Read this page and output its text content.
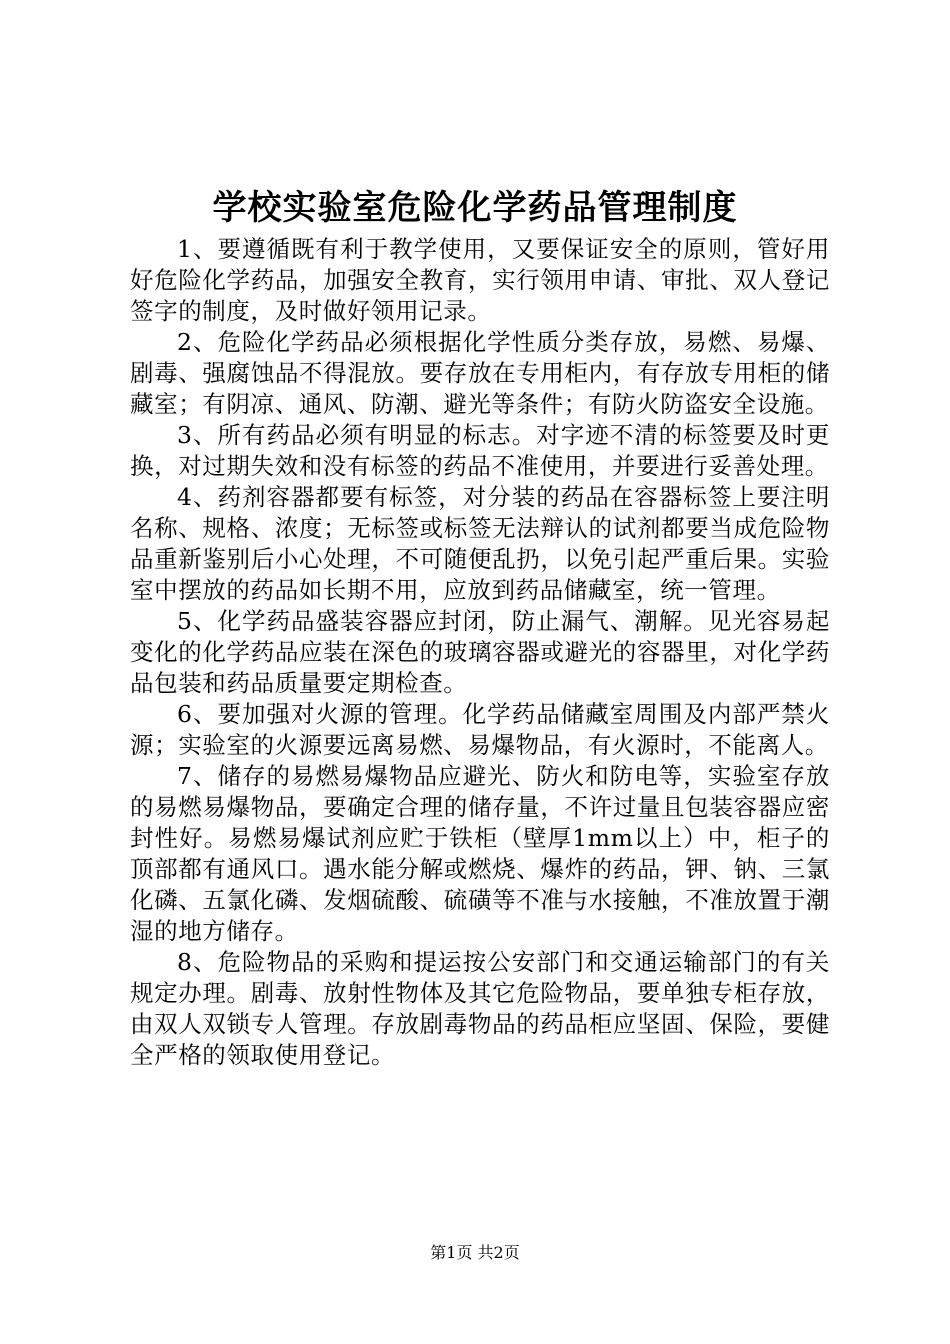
学校实验室危险化学药品管理制度

1、要遵循既有利于教学使用，又要保证安全的原则，管好用好危险化学药品，加强安全教育，实行领用申请、审批、双人登记签字的制度，及时做好领用记录。

2、危险化学药品必须根据化学性质分类存放，易燃、易爆、剧毒、强腐蚀品不得混放。要存放在专用柜内，有存放专用柜的储藏室；有阴凉、通风、防潮、避光等条件；有防火防盗安全设施。

3、所有药品必须有明显的标志。对字迹不清的标签要及时更换，对过期失效和没有标签的药品不准使用，并要进行妥善处理。

4、药剂容器都要有标签，对分装的药品在容器标签上要注明名称、规格、浓度；无标签或标签无法辩认的试剂都要当成危险物品重新鉴别后小心处理，不可随便乱扔，以免引起严重后果。实验室中摆放的药品如长期不用，应放到药品储藏室，统一管理。

5、化学药品盛装容器应封闭，防止漏气、潮解。见光容易起变化的化学药品应装在深色的玻璃容器或避光的容器里，对化学药品包装和药品质量要定期检查。

6、要加强对火源的管理。化学药品储藏室周围及内部严禁火源；实验室的火源要远离易燃、易爆物品，有火源时，不能离人。

7、储存的易燃易爆物品应避光、防火和防电等，实验室存放的易燃易爆物品，要确定合理的储存量，不许过量且包装容器应密封性好。易燃易爆试剂应贮于铁柜（壁厚1mm以上）中，柜子的顶部都有通风口。遇水能分解或燃烧、爆炸的药品，钾、钠、三氯化磷、五氯化磷、发烟硫酸、硫磺等不准与水接触，不准放置于潮湿的地方储存。

8、危险物品的采购和提运按公安部门和交通运输部门的有关规定办理。剧毒、放射性物体及其它危险物品，要单独专柜存放，由双人双锁专人管理。存放剧毒物品的药品柜应坚固、保险，要健全严格的领取使用登记。

第1页 共2页
